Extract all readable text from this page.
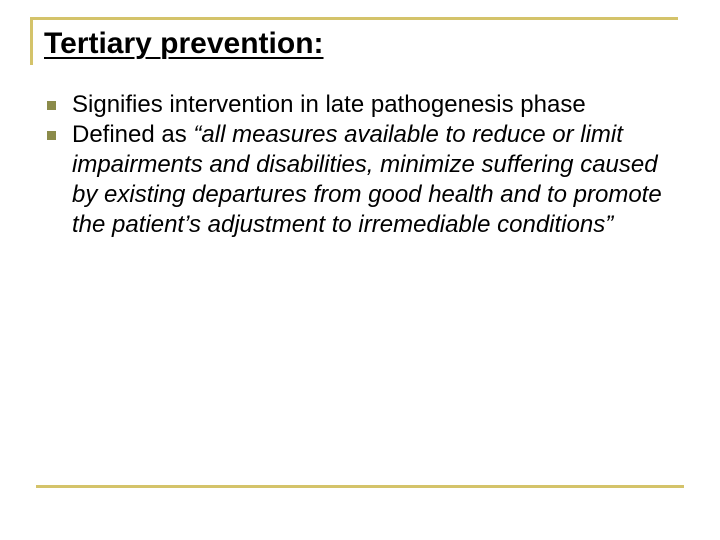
Tertiary prevention:
Signifies intervention in late pathogenesis phase
Defined as “all measures available to reduce or limit impairments and disabilities, minimize suffering caused by existing departures from good health and to promote the patient’s adjustment to irremediable conditions”
